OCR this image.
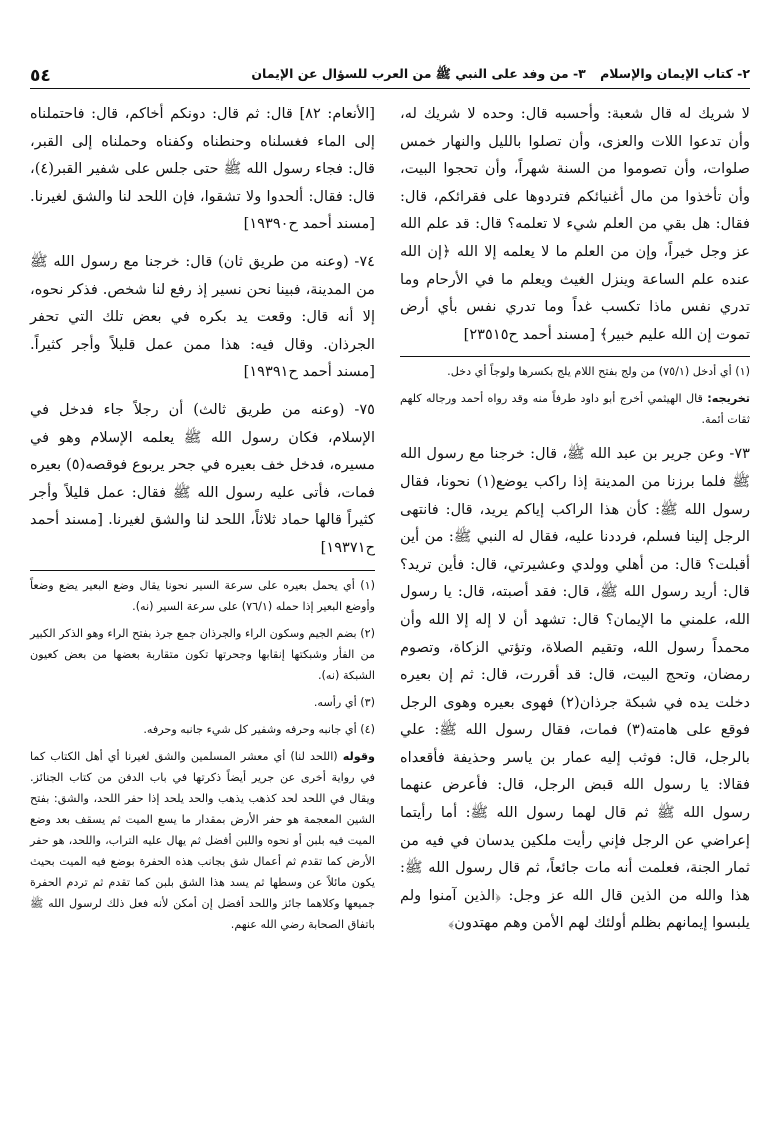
٥٤	٢- كتاب الإيمان والإسلام ٣- من وفد على النبي ﷺ من العرب للسؤال عن الإيمان

لا شريك له قال شعبة: وأحسبه قال: وحده لا شريك له، وأن تدعوا اللات والعزى، وأن تصلوا بالليل والنهار خمس صلوات، وأن تصوموا من السنة شهراً، وأن تحجوا البيت، وأن تأخذوا من مال أغنيائكم فتردوها على فقرائكم، قال: فقال: هل بقي من العلم شيء لا تعلمه؟ قال: قد علم الله عز وجل خيراً، وإن من العلم ما لا يعلمه إلا الله ﴿إن الله عنده علم الساعة وينزل الغيث ويعلم ما في الأرحام وما تدري نفس ماذا تكسب غداً وما تدري نفس بأي أرض تموت إن الله عليم خبير﴾ [مسند أحمد ح٢٣٥١٥]

(١) أي أدخل (٧٥/١) من ولج بفتح اللام يلج بكسرها ولوجاً أي دخل.

تخريجه: قال الهيثمي أخرج أبو داود طرفاً منه وقد رواه أحمد ورجاله كلهم ثقات أئمة.

٧٣- وعن جرير بن عبد الله ﷺ، قال: خرجنا مع رسول الله ﷺ فلما برزنا من المدينة إذا راكب يوضع(١) نحونا، فقال رسول الله ﷺ: كأن هذا الراكب إياكم يريد، قال: فانتهى الرجل إلينا فسلم، فرددنا عليه، فقال له النبي ﷺ: من أين أقبلت؟ قال: من أهلي وولدي وعشيرتي، قال: فأين تريد؟ قال: أريد رسول الله ﷺ، قال: فقد أصبته، قال: يا رسول الله، علمني ما الإيمان؟ قال: تشهد أن لا إله إلا الله وأن محمداً رسول الله، وتقيم الصلاة، وتؤتي الزكاة، وتصوم رمضان، وتحج البيت، قال: قد أقررت، قال: ثم إن بعيره دخلت يده في شبكة جرذان(٢) فهوى بعيره وهوى الرجل فوقع على هامته(٣) فمات، فقال رسول الله ﷺ: علي بالرجل، قال: فوثب إليه عمار بن ياسر وحذيفة فأقعداه فقالا: يا رسول الله قبض الرجل، قال: فأعرض عنهما رسول الله ﷺ ثم قال لهما رسول الله ﷺ: أما رأيتما إعراضي عن الرجل فإني رأيت ملكين يدسان في فيه من ثمار الجنة، فعلمت أنه مات جائعاً، ثم قال رسول الله ﷺ: هذا والله من الذين قال الله عز وجل: ﴿الذين آمنوا ولم يلبسوا إيمانهم بظلم أولئك لهم الأمن وهم مهتدون﴾

[الأنعام: ٨٢] قال: ثم قال: دونكم أخاكم، قال: فاحتملناه إلى الماء فغسلناه وحنطناه وكفناه وحملناه إلى القبر، قال: فجاء رسول الله ﷺ حتى جلس على شفير القبر(٤)، قال: فقال: ألحدوا ولا تشقوا، فإن اللحد لنا والشق لغيرنا. [مسند أحمد ح١٩٣٩٠]

٧٤- (وعنه من طريق ثان) قال: خرجنا مع رسول الله ﷺ من المدينة، فبينا نحن نسير إذ رفع لنا شخص. فذكر نحوه، إلا أنه قال: وقعت يد بكره في بعض تلك التي تحفر الجرذان. وقال فيه: هذا ممن عمل قليلاً وأجر كثيراً. [مسند أحمد ح١٩٣٩١]

٧٥- (وعنه من طريق ثالث) أن رجلاً جاء فدخل في الإسلام، فكان رسول الله ﷺ يعلمه الإسلام وهو في مسيره، فدخل خف بعيره في جحر يربوع فوقصه(٥) بعيره فمات، فأتى عليه رسول الله ﷺ فقال: عمل قليلاً وأجر كثيراً قالها حماد ثلاثاً، اللحد لنا والشق لغيرنا. [مسند أحمد ح١٩٣٧١]

(١) أي يحمل بعيره على سرعة السير نحونا يقال وضع البعير يضع وضعاً وأوضع البعير إذا حمله (٧٦/١) على سرعة السير (نه).

(٢) بضم الجيم وسكون الراء والجرذان جمع جرذ بفتح الراء وهو الذكر الكبير من الفأر وشبكتها إنقابها وجحرتها تكون متقاربة بعضها من بعض كعيون الشبكة (نه).

(٣) أي رأسه.

(٤) أي جانبه وحرفه وشفير كل شيء جانبه وحرفه.

وقوله (اللحد لنا) أي معشر المسلمين والشق لغيرنا أي أهل الكتاب كما في رواية أخرى عن جرير أيضاً ذكرتها في باب الدفن من كتاب الجنائز. ويقال في اللحد لحد كذهب يذهب والحد يلحد إذا حفر اللحد، والشق: بفتح الشين المعجمة هو حفر الأرض بمقدار ما يسع الميت ثم يسقف بعد وضع الميت فيه بلبن أو نحوه واللبن أفضل ثم يهال عليه التراب، واللحد، هو حفر الأرض كما تقدم ثم أعمال شق بجانب هذه الحفرة بوضع فيه الميت بحيث يكون مائلاً عن وسطها ثم يسد هذا الشق بلبن كما تقدم ثم تردم الحفرة جميعها وكلاهما جائز واللحد أفضل إن أمكن لأنه فعل ذلك لرسول الله ﷺ باتفاق الصحابة رضي الله عنهم.
